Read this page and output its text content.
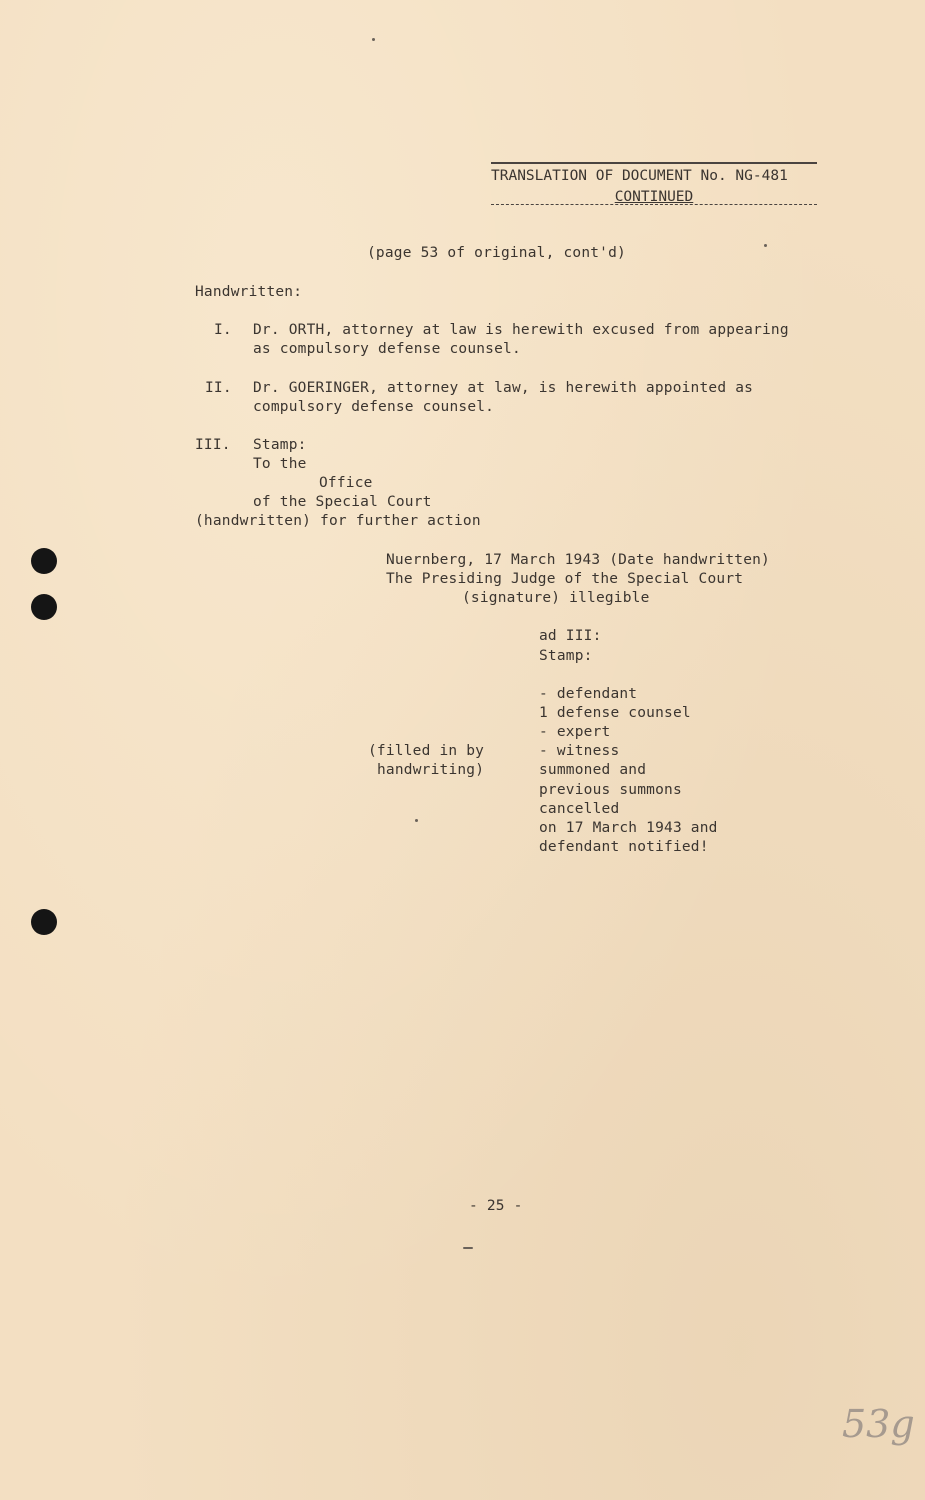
TRANSLATION OF DOCUMENT No. NG-481
CONTINUED
(page 53 of original, cont'd)
Handwritten:
I. Dr. ORTH, attorney at law is herewith excused from appearing
as compulsory defense counsel.
II. Dr. GOERINGER, attorney at law, is herewith appointed as
compulsory defense counsel.
III. Stamp:
To the
Office
of the Special Court
(handwritten) for further action
Nuernberg, 17 March 1943 (Date handwritten)
The Presiding Judge of the Special Court
(signature) illegible
ad III:
Stamp:
- defendant
1 defense counsel
- expert
- witness
summoned and
previous summons
cancelled
on 17 March 1943 and
defendant notified!
(filled in by
handwriting)
- 25 -
53g
